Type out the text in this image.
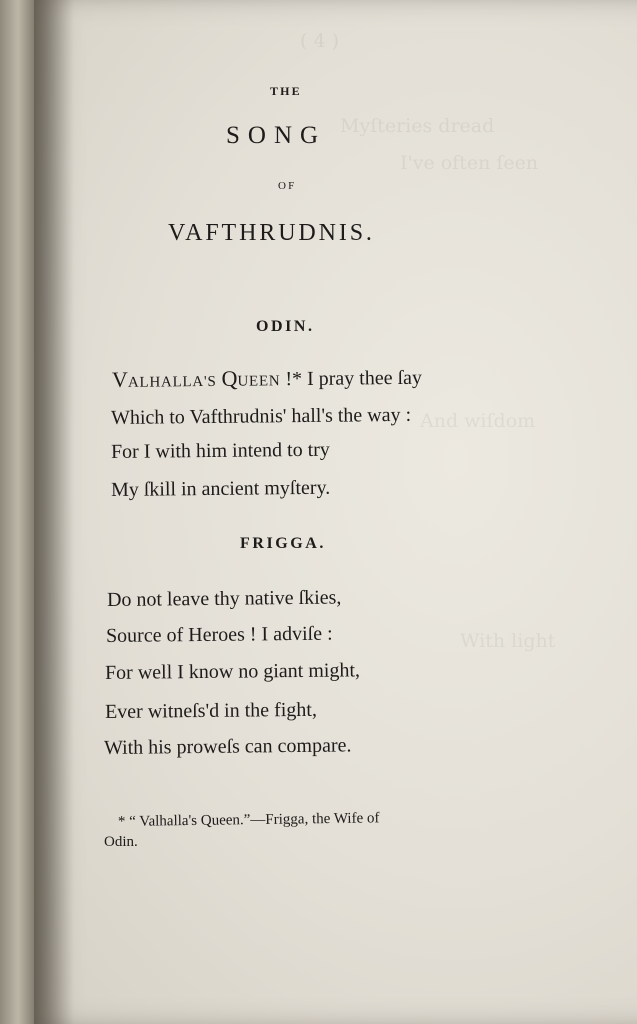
( 4 )
Myſteries dread
I've often ſeen
And wiſdom
With light
THE
SONG
OF
VAFTHRUDNIS.
ODIN.
VALHALLA'S QUEEN !* I pray thee ſay
Which to Vafthrudnis' hall's the way :
For I with him intend to try
My ſkill in ancient myſtery.
FRIGGA.
Do not leave thy native ſkies,
Source of Heroes ! I adviſe :
For well I know no giant might,
Ever witneſs'd in the fight,
With his proweſs can compare.
* “ Valhalla's Queen.”—Frigga, the Wife of
Odin.
